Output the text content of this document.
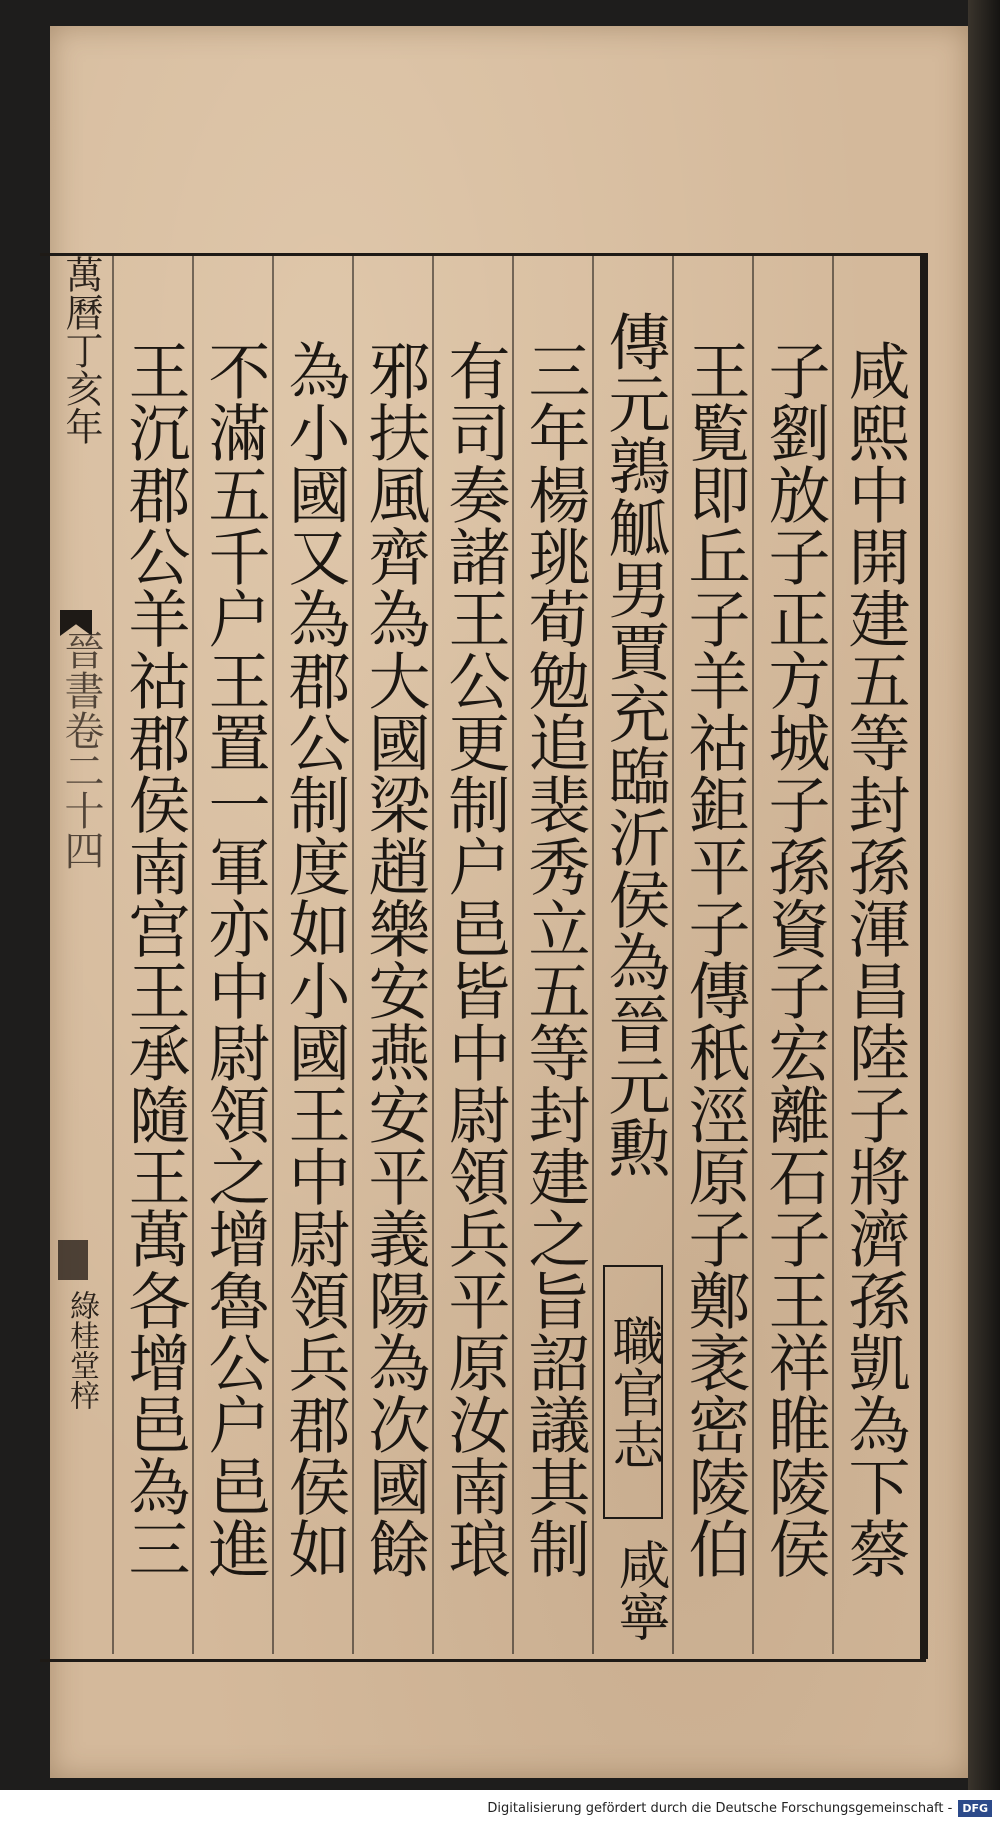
萬曆丁亥年
晉書卷二十四
綠桂堂梓	咸熙中開建五等封孫渾昌陸子將濟孫凱為下蔡
子劉放子正方城子孫資子宏離石子王祥睢陵侯
王覧即丘子羊祜鉅平子傳秖涇原子鄭袤密陵伯
傳元鶉觚男賈充臨沂侯為晉元勲
職官志
咸寧
三年楊珧荀勉追裴秀立五等封建之旨詔議其制
有司奏諸王公更制户邑皆中尉領兵平原汝南琅
邪扶風齊為大國梁趙樂安燕安平義陽為次國餘
為小國又為郡公制度如小國王中尉領兵郡侯如
不滿五千户王置一軍亦中尉領之增魯公户邑進
王沉郡公羊祜郡侯南宫王承隨王萬各增邑為三
Digitalisierung gefördert durch die Deutsche Forschungsgemeinschaft - DFG
